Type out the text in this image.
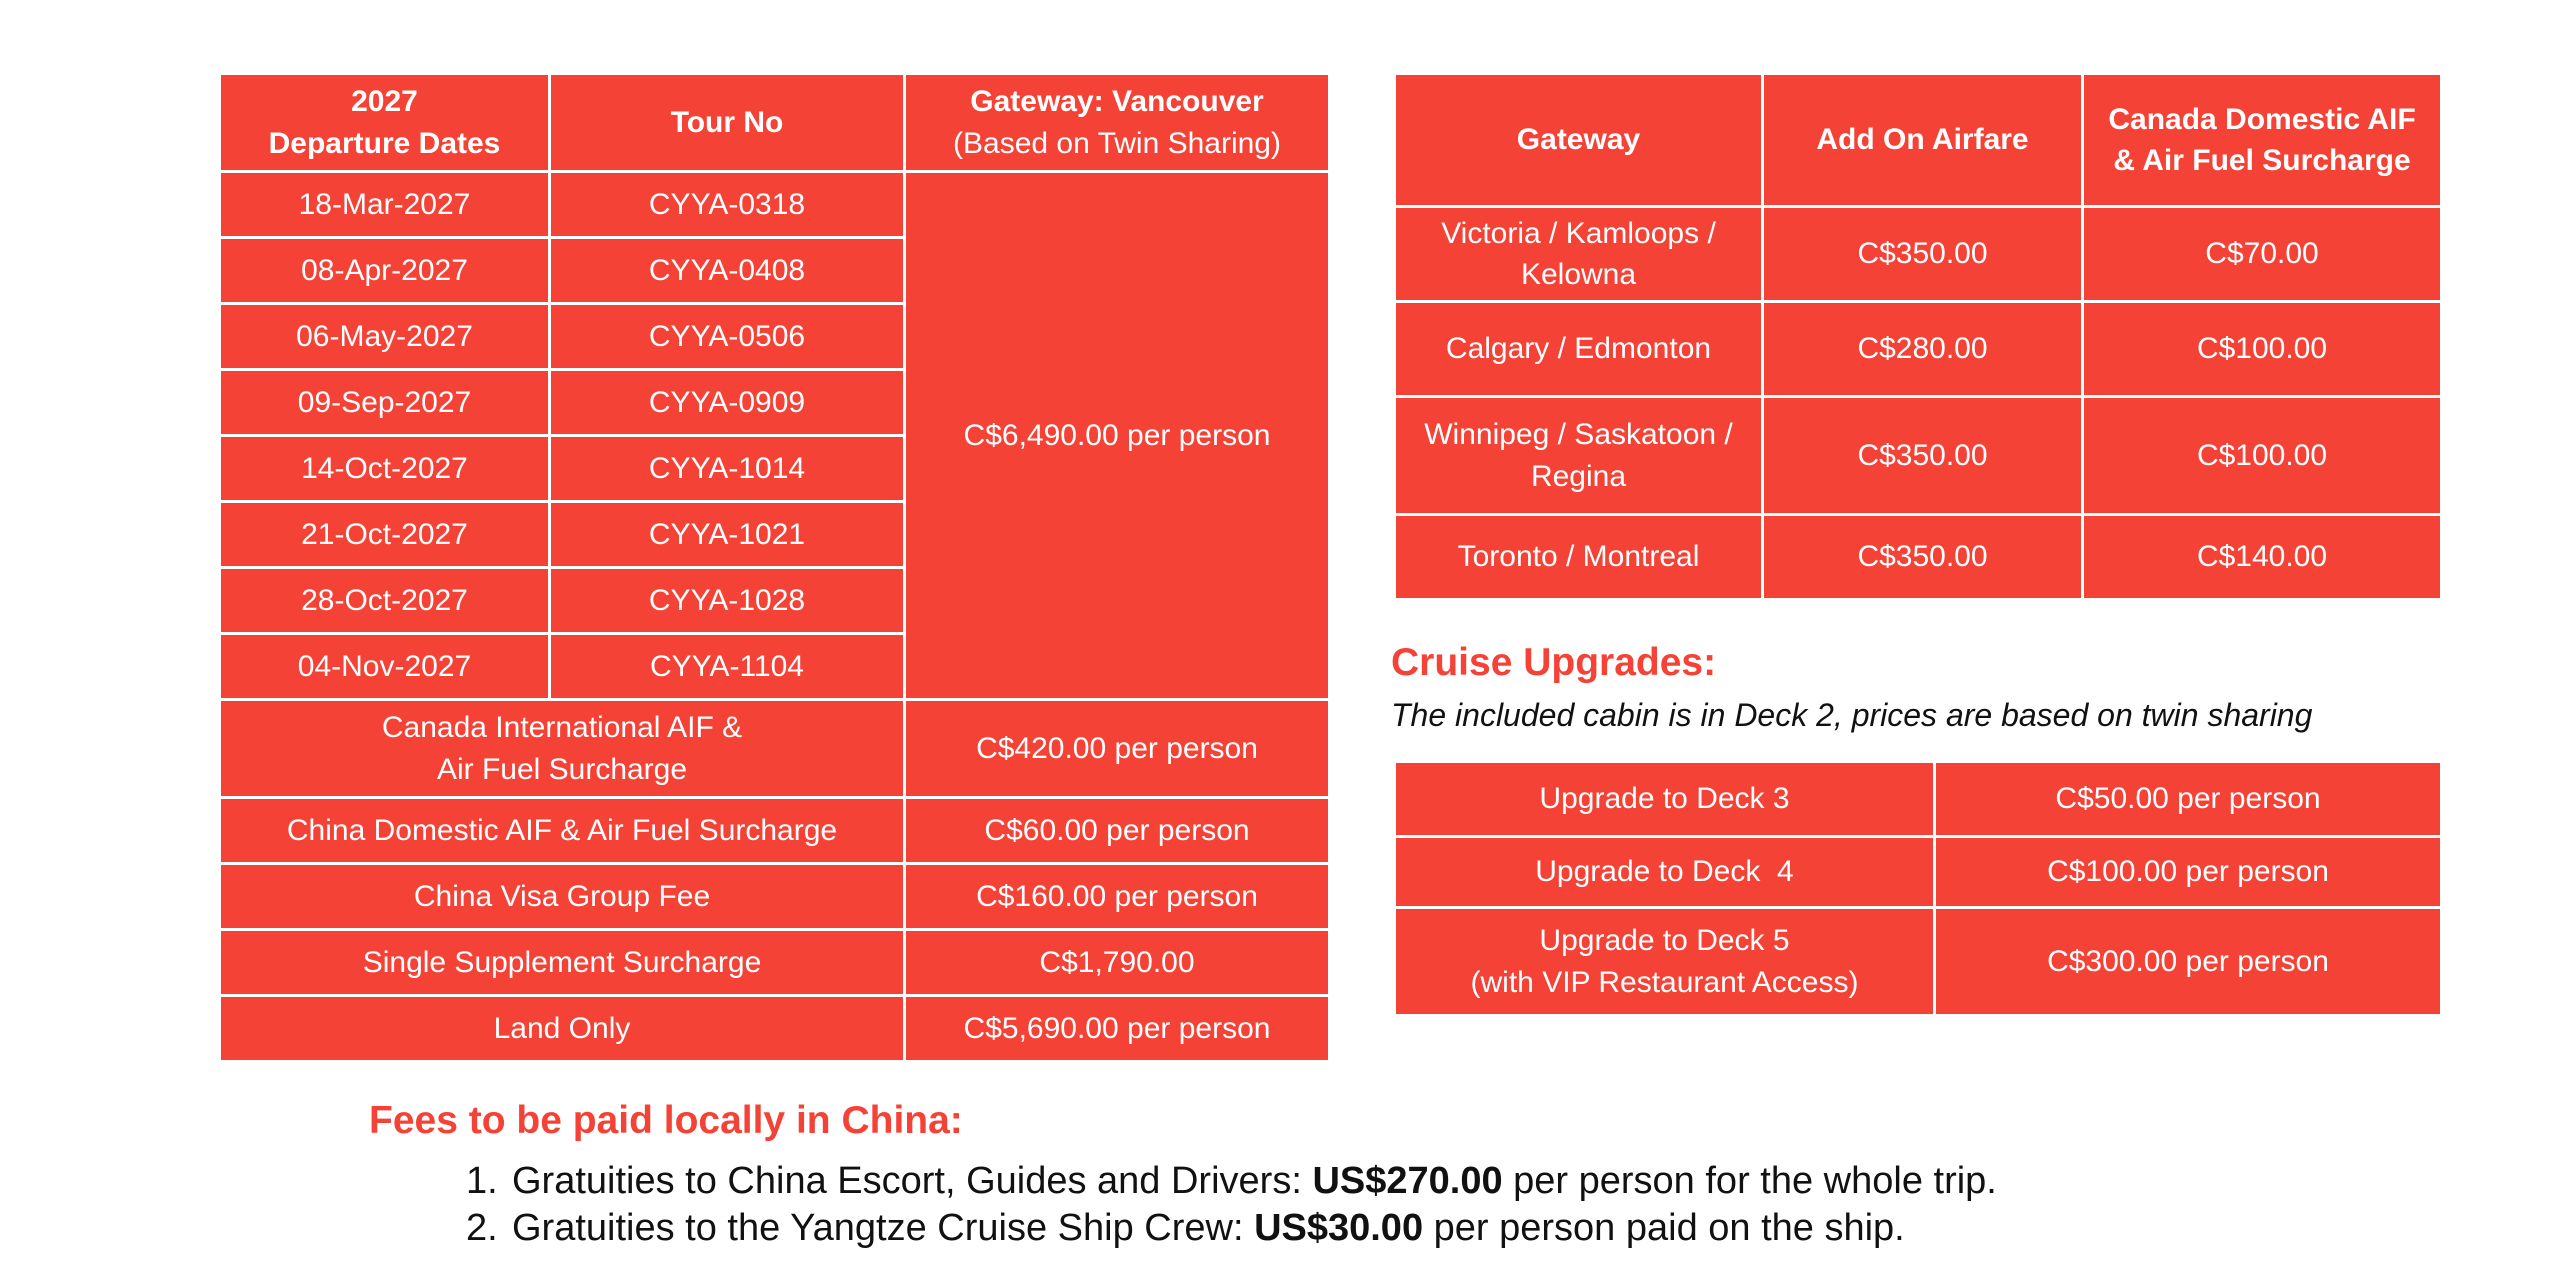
2027
Departure Dates	Tour No	Gateway: Vancouver
(Based on Twin Sharing)

18-Mar-2027	CYYA-0318	C$6,490.00 per person
08-Apr-2027	CYYA-0408	
06-May-2027	CYYA-0506	
09-Sep-2027	CYYA-0909	
14-Oct-2027	CYYA-1014	
21-Oct-2027	CYYA-1021	
28-Oct-2027	CYYA-1028	
04-Nov-2027	CYYA-1104	

Canada International AIF &
Air Fuel Surcharge		C$420.00 per person
China Domestic AIF & Air Fuel Surcharge		C$60.00 per person
China Visa Group Fee		C$160.00 per person
Single Supplement Surcharge		C$1,790.00
Land Only		C$5,690.00 per person
Gateway	Add On Airfare	Canada Domestic AIF
& Air Fuel Surcharge

Victoria / Kamloops /
Kelowna	C$350.00	C$70.00
Calgary / Edmonton	C$280.00	C$100.00

Winnipeg / Saskatoon /
Regina	C$350.00	C$100.00
Toronto / Montreal	C$350.00	C$140.00
Cruise Upgrades:

The included cabin is in Deck 2, prices are based on twin sharing

Upgrade to Deck 3	C$50.00 per person
Upgrade to Deck  4	C$100.00 per person

Upgrade to Deck 5
(with VIP Restaurant Access)	C$300.00 per person
Fees to be paid locally in China:
1. Gratuities to China Escort, Guides and Drivers: US$270.00 per person for the whole trip.
2. Gratuities to the Yangtze Cruise Ship Crew: US$30.00 per person paid on the ship.
